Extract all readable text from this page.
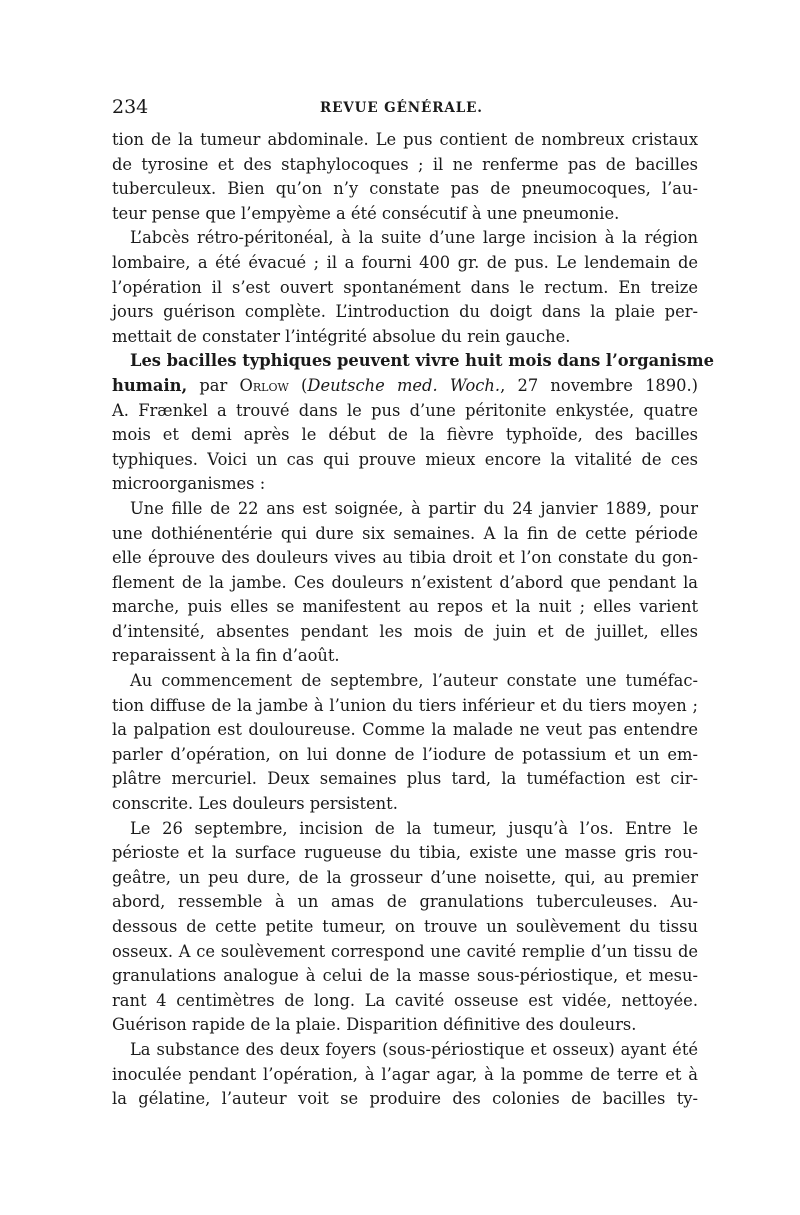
234	REVUE GÉNÉRALE.
tion de la tumeur abdominale. Le pus contient de nombreux cristaux
de tyrosine et des staphylocoques ; il ne renferme pas de bacilles
tuberculeux. Bien qu’on n’y constate pas de pneumocoques, l’au-
teur pense que l’empyème a été consécutif à une pneumonie.
L’abcès rétro-péritonéal, à la suite d’une large incision à la région
lombaire, a été évacué ; il a fourni 400 gr. de pus. Le lendemain de
l’opération il s’est ouvert spontanément dans le rectum. En treize
jours guérison complète. L’introduction du doigt dans la plaie per-
mettait de constater l’intégrité absolue du rein gauche.
Les bacilles typhiques peuvent vivre huit mois dans l’organisme
humain, par Orlow (Deutsche med. Woch., 27 novembre 1890.)
A. Frænkel a trouvé dans le pus d’une péritonite enkystée, quatre
mois et demi après le début de la fièvre typhoïde, des bacilles
typhiques. Voici un cas qui prouve mieux encore la vitalité de ces
microorganismes :
Une fille de 22 ans est soignée, à partir du 24 janvier 1889, pour
une dothiénentérie qui dure six semaines. A la fin de cette période
elle éprouve des douleurs vives au tibia droit et l’on constate du gon-
flement de la jambe. Ces douleurs n’existent d’abord que pendant la
marche, puis elles se manifestent au repos et la nuit ; elles varient
d’intensité, absentes pendant les mois de juin et de juillet, elles
reparaissent à la fin d’août.
Au commencement de septembre, l’auteur constate une tuméfac-
tion diffuse de la jambe à l’union du tiers inférieur et du tiers moyen ;
la palpation est douloureuse. Comme la malade ne veut pas entendre
parler d’opération, on lui donne de l’iodure de potassium et un em-
plâtre mercuriel. Deux semaines plus tard, la tuméfaction est cir-
conscrite. Les douleurs persistent.
Le 26 septembre, incision de la tumeur, jusqu’à l’os. Entre le
périoste et la surface rugueuse du tibia, existe une masse gris rou-
geâtre, un peu dure, de la grosseur d’une noisette, qui, au premier
abord, ressemble à un amas de granulations tuberculeuses. Au-
dessous de cette petite tumeur, on trouve un soulèvement du tissu
osseux. A ce soulèvement correspond une cavité remplie d’un tissu de
granulations analogue à celui de la masse sous-périostique, et mesu-
rant 4 centimètres de long. La cavité osseuse est vidée, nettoyée.
Guérison rapide de la plaie. Disparition définitive des douleurs.
La substance des deux foyers (sous-périostique et osseux) ayant été
inoculée pendant l’opération, à l’agar agar, à la pomme de terre et à
la gélatine, l’auteur voit se produire des colonies de bacilles ty-
